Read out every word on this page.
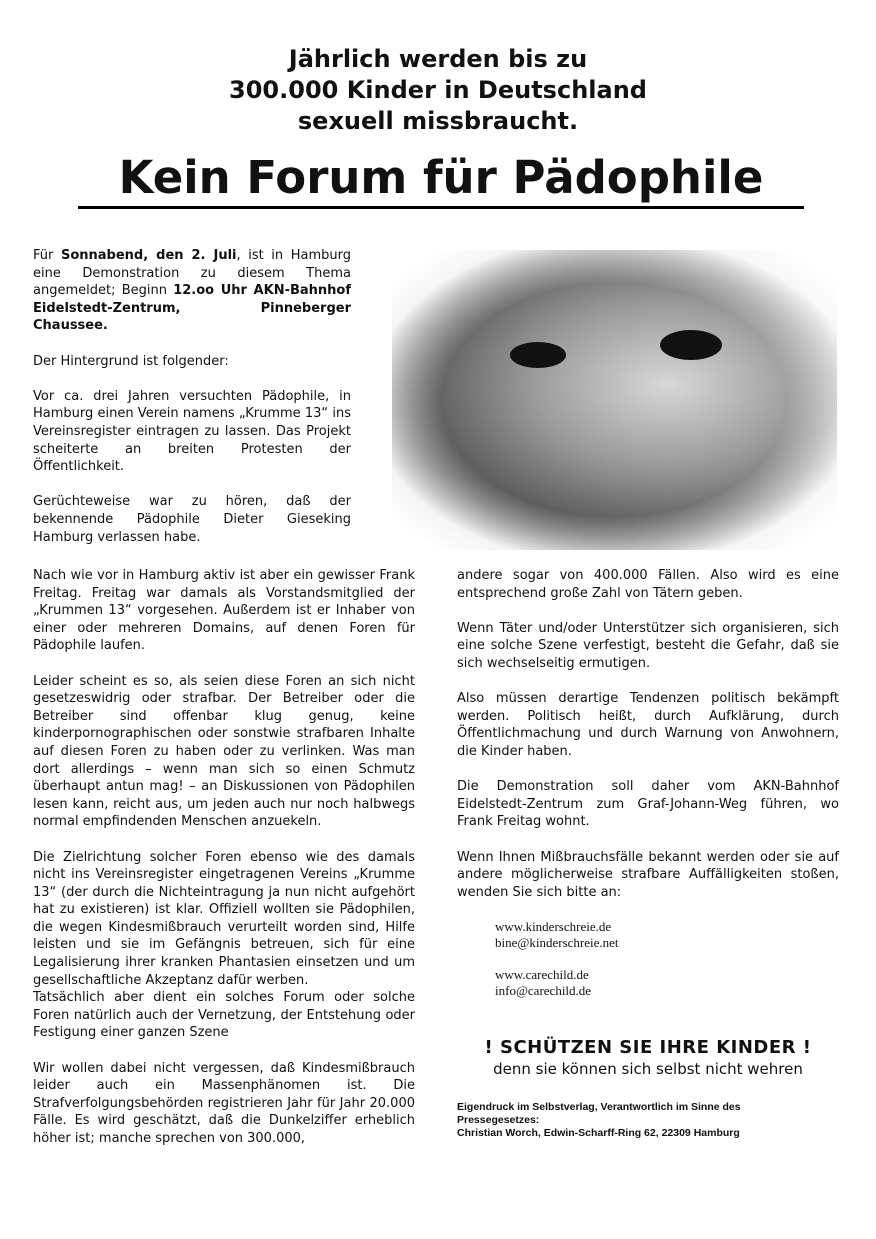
Jährlich werden bis zu
300.000 Kinder in Deutschland
sexuell missbraucht.
Kein Forum für Pädophile

Für Sonnabend, den 2. Juli, ist in Hamburg eine Demonstration zu diesem Thema angemeldet; Beginn 12.oo Uhr AKN-Bahnhof Eidelstedt-Zentrum, Pinneberger Chaussee.

Der Hintergrund ist folgender:

Vor ca. drei Jahren versuchten Pädophile, in Hamburg einen Verein namens „Krumme 13“ ins Vereinsregister eintragen zu lassen. Das Projekt scheiterte an breiten Protesten der Öffentlichkeit.

Gerüchteweise war zu hören, daß der bekennende Pädophile Dieter Gieseking Hamburg verlassen habe.

Nach wie vor in Hamburg aktiv ist aber ein gewisser Frank Freitag. Freitag war damals als Vorstandsmitglied der „Krummen 13“ vorgesehen. Außerdem ist er Inhaber von einer oder mehreren Domains, auf denen Foren für Pädophile laufen.

Leider scheint es so, als seien diese Foren an sich nicht gesetzeswidrig oder strafbar. Der Betreiber oder die Betreiber sind offenbar klug genug, keine kinderpornographischen oder sonstwie strafbaren Inhalte auf diesen Foren zu haben oder zu verlinken. Was man dort allerdings – wenn man sich so einen Schmutz überhaupt antun mag! – an Diskussionen von Pädophilen lesen kann, reicht aus, um jeden auch nur noch halbwegs normal empfindenden Menschen anzuekeln.

Die Zielrichtung solcher Foren ebenso wie des damals nicht ins Vereinsregister eingetragenen Vereins „Krumme 13“ (der durch die Nichteintragung ja nun nicht aufgehört hat zu existieren) ist klar. Offiziell wollten sie Pädophilen, die wegen Kindesmißbrauch verurteilt worden sind, Hilfe leisten und sie im Gefängnis betreuen, sich für eine Legalisierung ihrer kranken Phantasien einsetzen und um gesellschaftliche Akzeptanz dafür werben.

Tatsächlich aber dient ein solches Forum oder solche Foren natürlich auch der Vernetzung, der Entstehung oder Festigung einer ganzen Szene

Wir wollen dabei nicht vergessen, daß Kindesmißbrauch leider auch ein Massenphänomen ist. Die Strafverfolgungsbehörden registrieren Jahr für Jahr 20.000 Fälle. Es wird geschätzt, daß die Dunkelziffer erheblich höher ist; manche sprechen von 300.000,

andere sogar von 400.000 Fällen. Also wird es eine entsprechend große Zahl von Tätern geben.

Wenn Täter und/oder Unterstützer sich organisieren, sich eine solche Szene verfestigt, besteht die Gefahr, daß sie sich wechselseitig ermutigen.

Also müssen derartige Tendenzen politisch bekämpft werden. Politisch heißt, durch Aufklärung, durch Öffentlichmachung und durch Warnung von Anwohnern, die Kinder haben.

Die Demonstration soll daher vom AKN-Bahnhof Eidelstedt-Zentrum zum Graf-Johann-Weg führen, wo Frank Freitag wohnt.

Wenn Ihnen Mißbrauchsfälle bekannt werden oder sie auf andere möglicherweise strafbare Auffälligkeiten stoßen, wenden Sie sich bitte an:

www.kinderschreie.de
bine@kinderschreie.net
www.carechild.de
info@carechild.de
! SCHÜTZEN SIE IHRE KINDER !
denn sie können sich selbst nicht wehren
Eigendruck im Selbstverlag, Verantwortlich im Sinne des
Pressegesetzes:
Christian Worch, Edwin-Scharff-Ring 62, 22309 Hamburg
